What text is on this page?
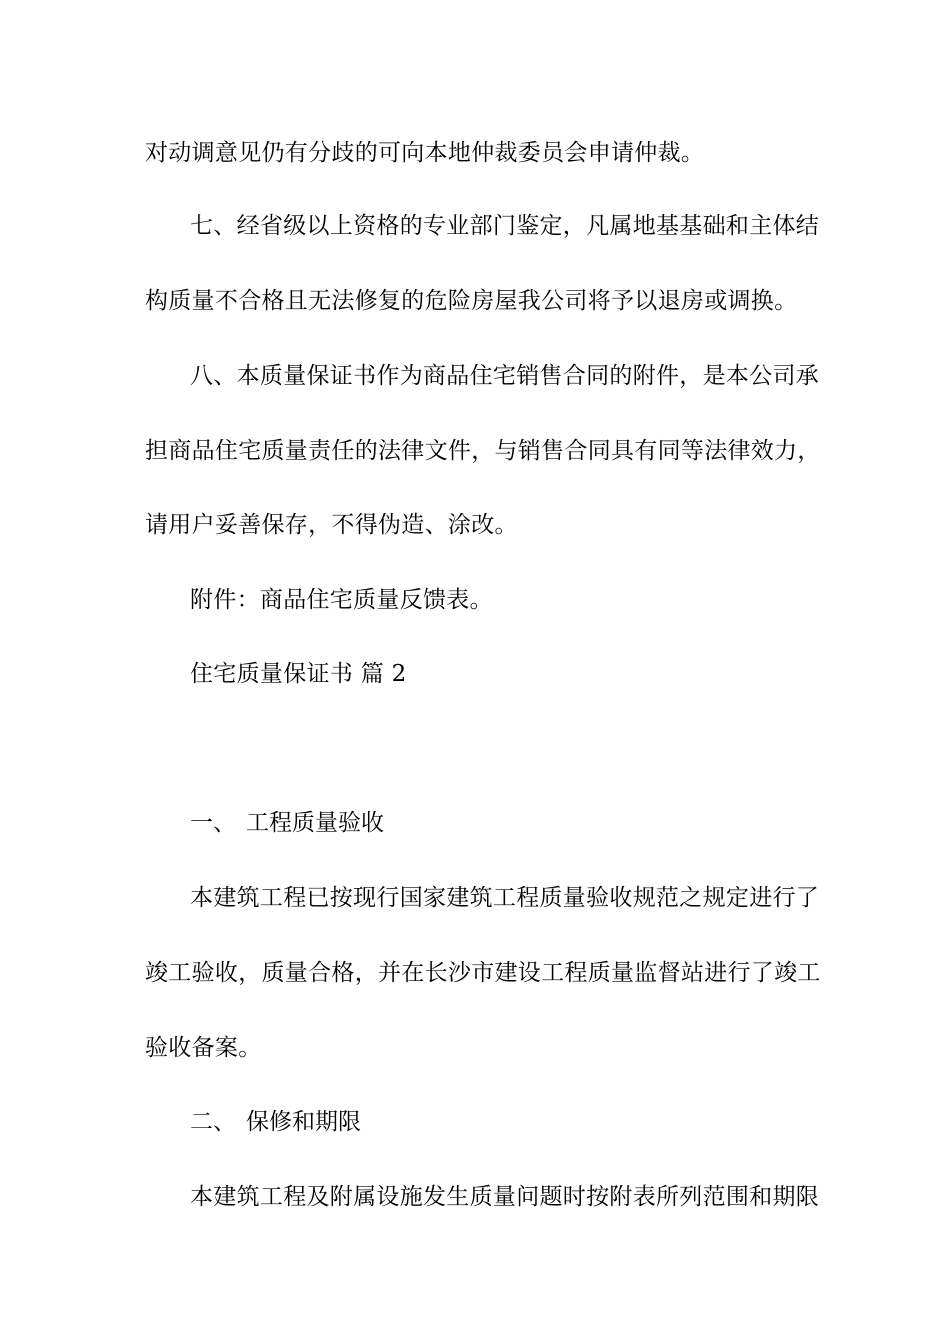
对动调意见仍有分歧的可向本地仲裁委员会申请仲裁。
七、经省级以上资格的专业部门鉴定，凡属地基基础和主体结
构质量不合格且无法修复的危险房屋我公司将予以退房或调换。
八、本质量保证书作为商品住宅销售合同的附件，是本公司承
担商品住宅质量责任的法律文件，与销售合同具有同等法律效力，
请用户妥善保存，不得伪造、涂改。
附件：商品住宅质量反馈表。
住宅质量保证书 篇 2
一、 工程质量验收
本建筑工程已按现行国家建筑工程质量验收规范之规定进行了
竣工验收，质量合格，并在长沙市建设工程质量监督站进行了竣工
验收备案。
二、 保修和期限
本建筑工程及附属设施发生质量问题时按附表所列范围和期限
